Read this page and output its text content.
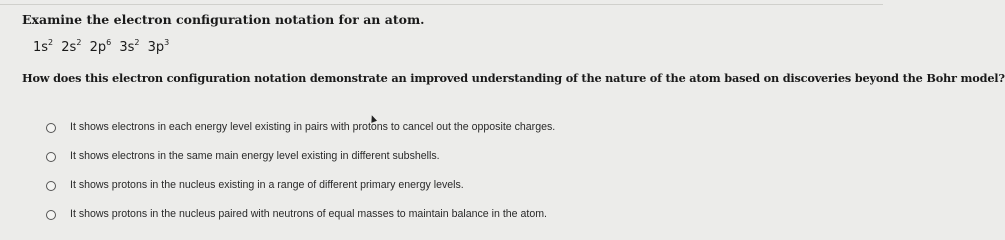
Examine the electron configuration notation for an atom.
$1s^2$ $2s^2$ $2p^6$ $3s^2$ $3p^3$
How does this electron configuration notation demonstrate an improved understanding of the nature of the atom based on discoveries beyond the Bohr model?
It shows electrons in each energy level existing in pairs with protons to cancel out the opposite charges.
It shows electrons in the same main energy level existing in different subshells.
It shows protons in the nucleus existing in a range of different primary energy levels.
It shows protons in the nucleus paired with neutrons of equal masses to maintain balance in the atom.
